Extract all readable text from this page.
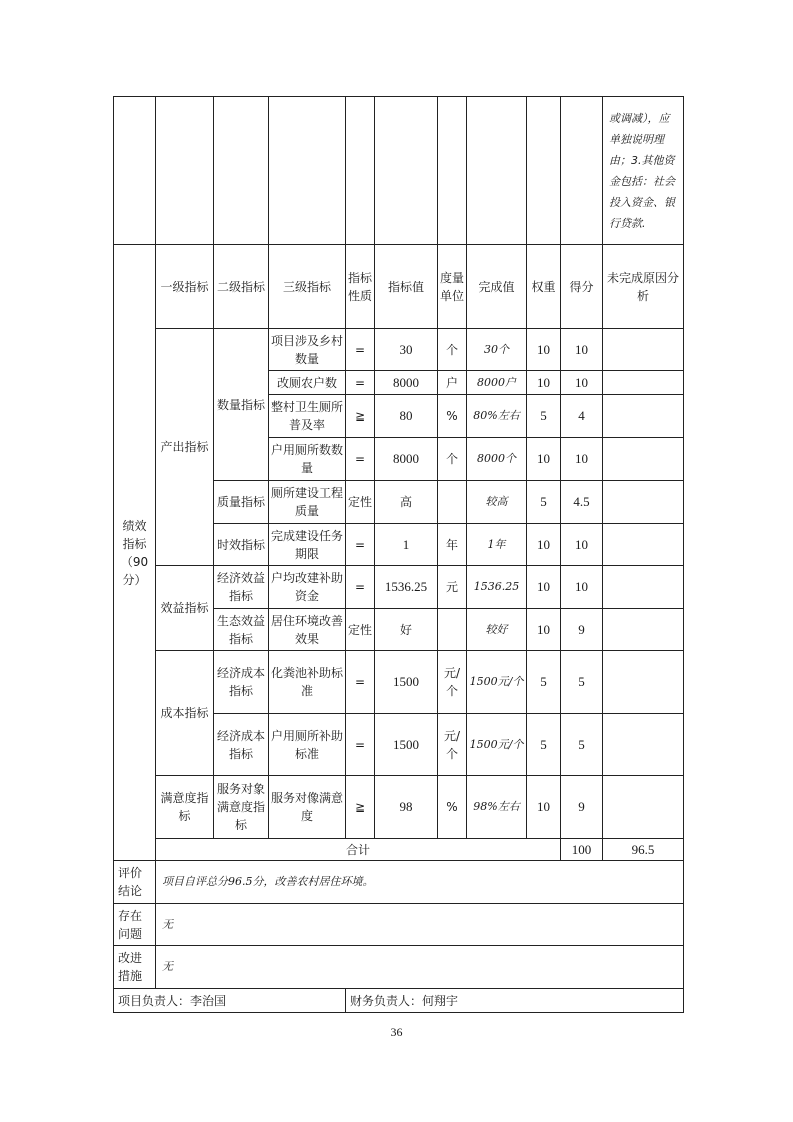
										或调减），应单独说明理由；3.其他资金包括：社会投入资金、银行贷款.	
绩效指标（90分）	一级指标	二级指标	三级指标	指标性质	指标值	度量单位	完成值	权重	得分	未完成原因分析	
	产出指标	数量指标	项目涉及乡村数量	=	30	个	30个	10	10		
			改厕农户数	=	8000	户	8000户	10	10		
			整村卫生厕所普及率	≧	80	%	80%左右	5	4		
			户用厕所数数量	=	8000	个	8000个	10	10		
		质量指标	厕所建设工程质量	定性	高		较高	5	4.5		
		时效指标	完成建设任务期限	=	1	年	1年	10	10		
	效益指标	经济效益指标	户均改建补助资金	=	1536.25	元	1536.25	10	10		
		生态效益指标	居住环境改善效果	定性	好		较好	10	9		
	成本指标	经济成本指标	化粪池补助标准	=	1500	元/个	1500元/个	5	5		
		经济成本指标	户用厕所补助标准	=	1500	元/个	1500元/个	5	5		
	满意度指标	服务对象满意度指标	服务对像满意度	≧	98	%	98%左右	10	9		
	合计								100	96.5	
评价结论	项目自评总分96.5分，改善农村居住环境。										
存在问题	无										
改进措施	无										
项目负责人：李治国				财务负责人：何翔宇							
36
